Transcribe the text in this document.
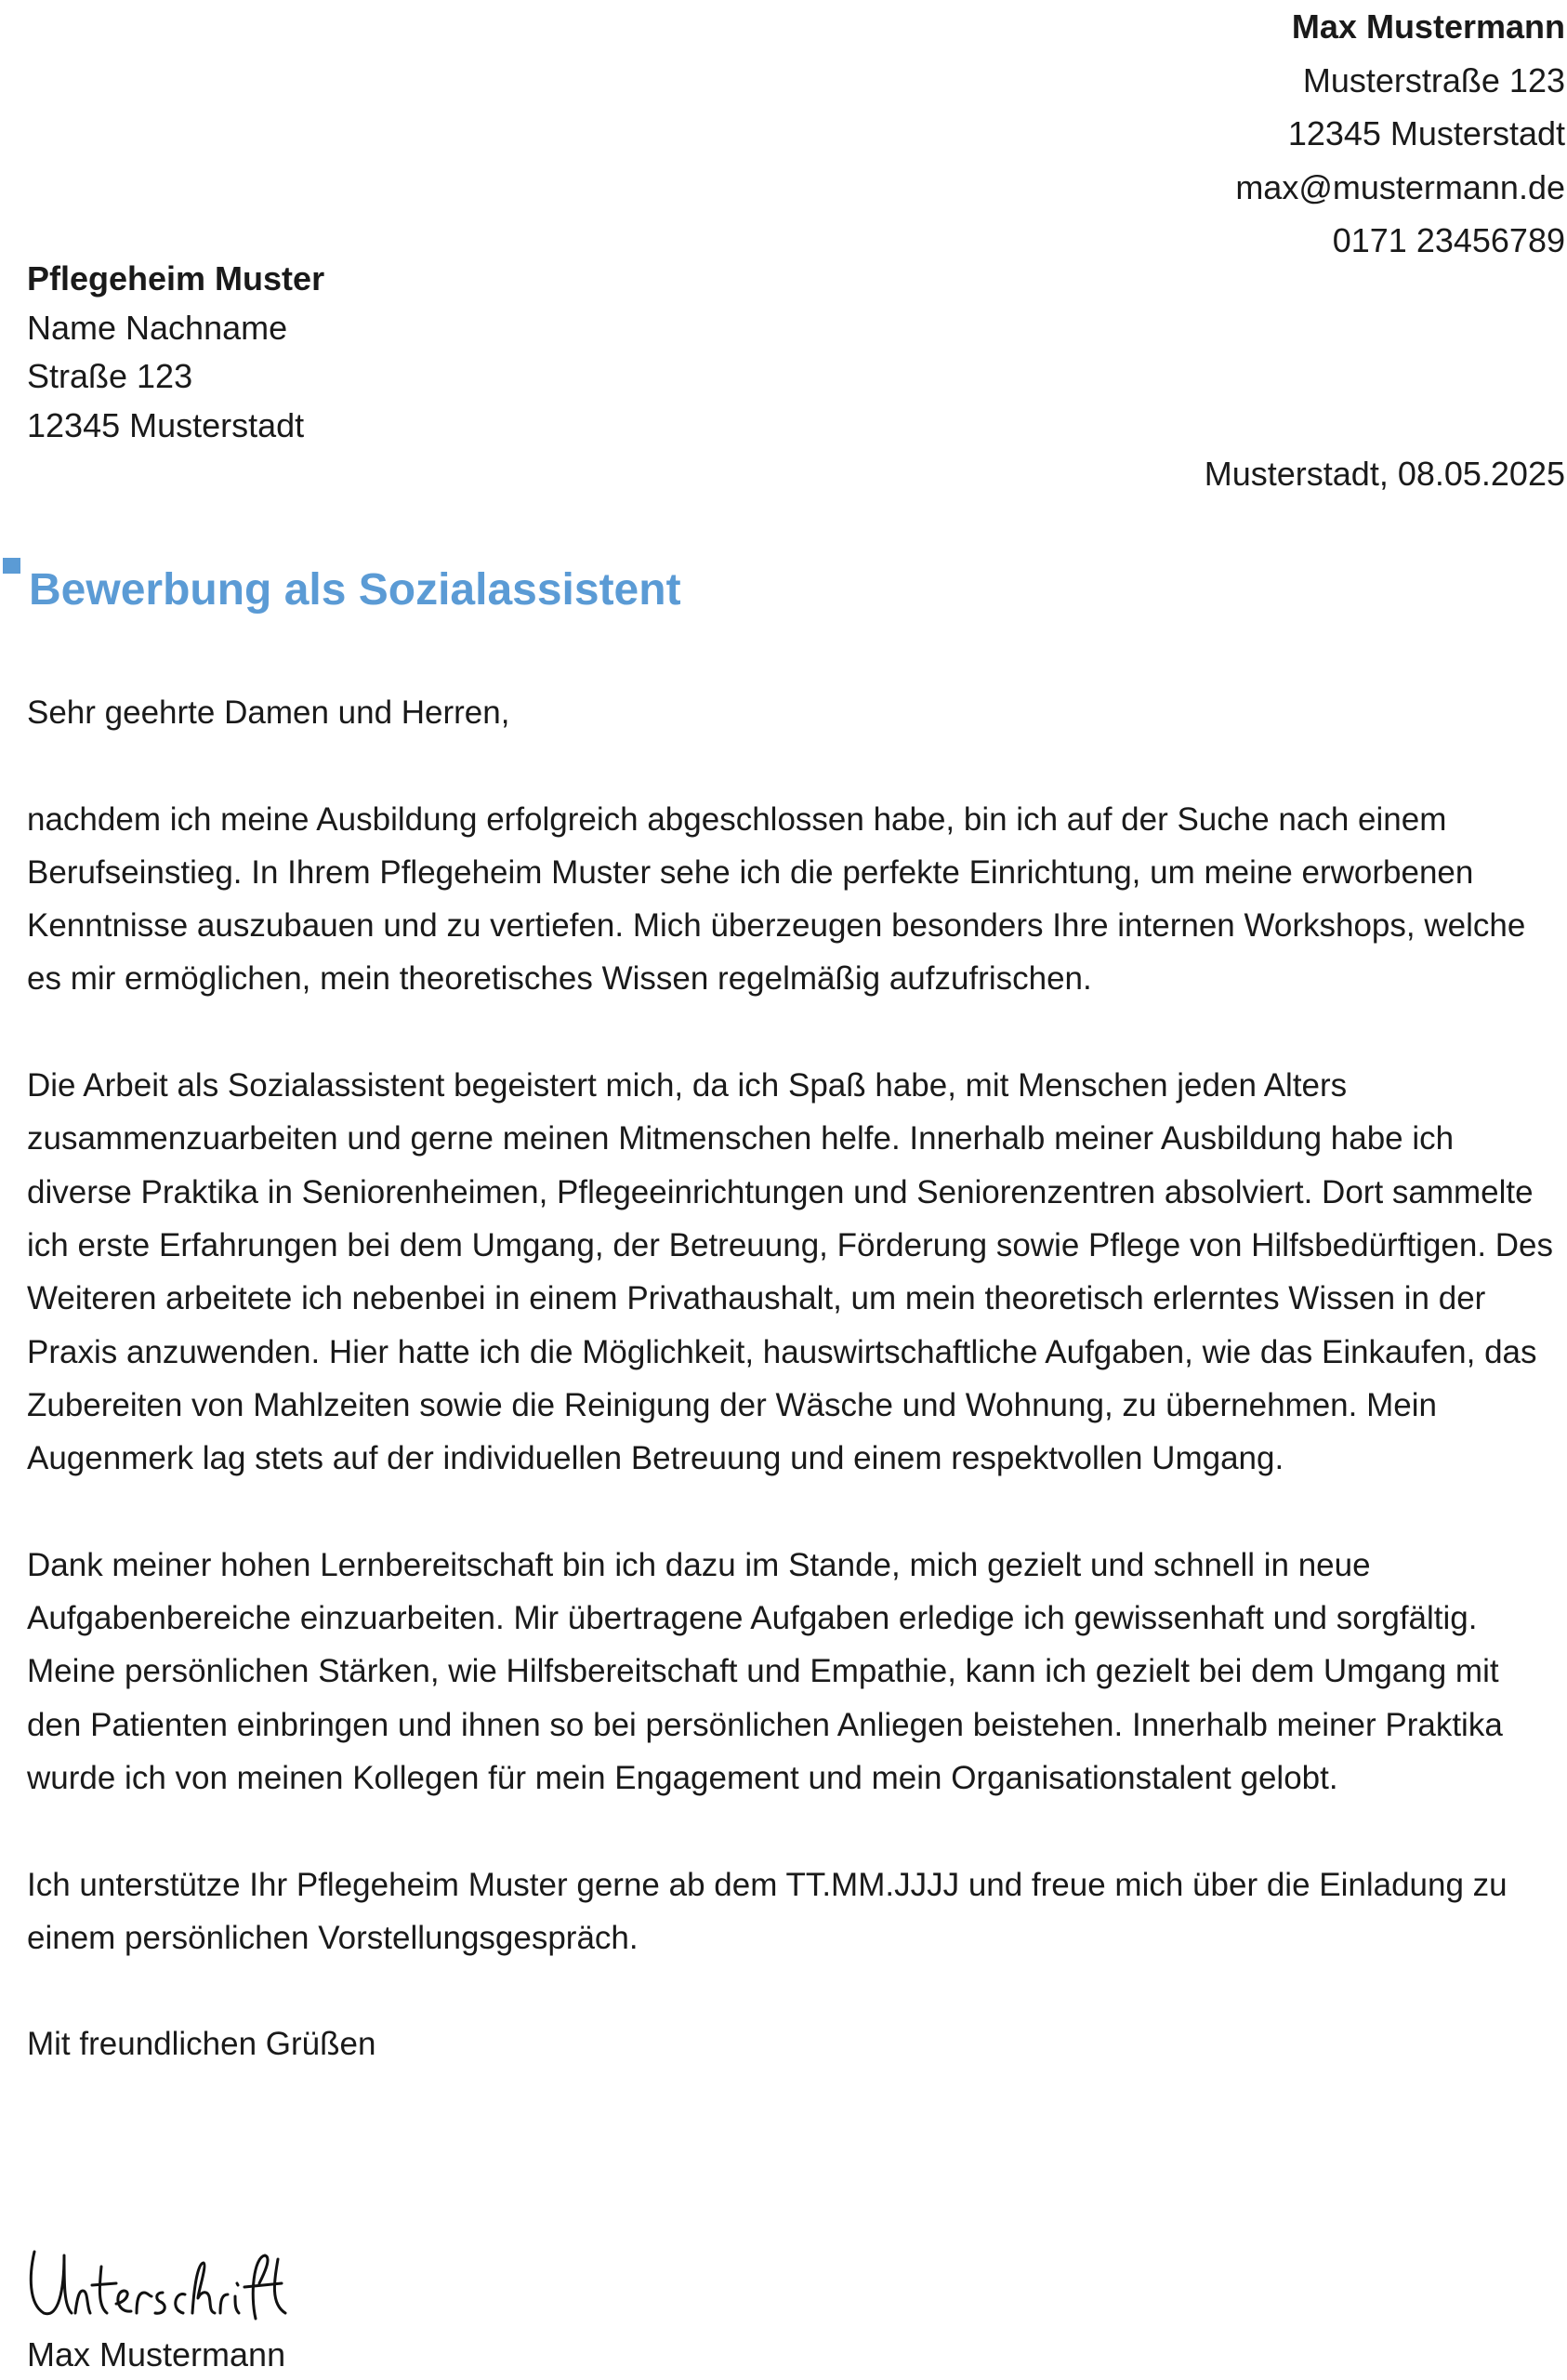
Max Mustermann
Musterstraße 123
12345 Musterstadt
max@mustermann.de
0171 23456789
Pflegeheim Muster
Name Nachname
Straße 123
12345 Musterstadt
Musterstadt, 08.05.2025
Bewerbung als Sozialassistent

Sehr geehrte Damen und Herren,

nachdem ich meine Ausbildung erfolgreich abgeschlossen habe, bin ich auf der Suche nach einem Berufseinstieg. In Ihrem Pflegeheim Muster sehe ich die perfekte Einrichtung, um meine erworbenen Kenntnisse auszubauen und zu vertiefen. Mich überzeugen besonders Ihre internen Workshops, welche es mir ermöglichen, mein theoretisches Wissen regelmäßig aufzufrischen.

Die Arbeit als Sozialassistent begeistert mich, da ich Spaß habe, mit Menschen jeden Alters zusammenzuarbeiten und gerne meinen Mitmenschen helfe. Innerhalb meiner Ausbildung habe ich diverse Praktika in Seniorenheimen, Pflegeeinrichtungen und Seniorenzentren absolviert. Dort sammelte ich erste Erfahrungen bei dem Umgang, der Betreuung, Förderung sowie Pflege von Hilfsbedürftigen. Des Weiteren arbeitete ich nebenbei in einem Privathaushalt, um mein theoretisch erlerntes Wissen in der Praxis anzuwenden. Hier hatte ich die Möglichkeit, hauswirtschaftliche Aufgaben, wie das Einkaufen, das Zubereiten von Mahlzeiten sowie die Reinigung der Wäsche und Wohnung, zu übernehmen. Mein Augenmerk lag stets auf der individuellen Betreuung und einem respektvollen Umgang.

Dank meiner hohen Lernbereitschaft bin ich dazu im Stande, mich gezielt und schnell in neue Aufgabenbereiche einzuarbeiten. Mir übertragene Aufgaben erledige ich gewissenhaft und sorgfältig. Meine persönlichen Stärken, wie Hilfsbereitschaft und Empathie, kann ich gezielt bei dem Umgang mit den Patienten einbringen und ihnen so bei persönlichen Anliegen beistehen. Innerhalb meiner Praktika wurde ich von meinen Kollegen für mein Engagement und mein Organisationstalent gelobt.

Ich unterstütze Ihr Pflegeheim Muster gerne ab dem TT.MM.JJJJ und freue mich über die Einladung zu einem persönlichen Vorstellungsgespräch.

Mit freundlichen Grüßen

Max Mustermann
